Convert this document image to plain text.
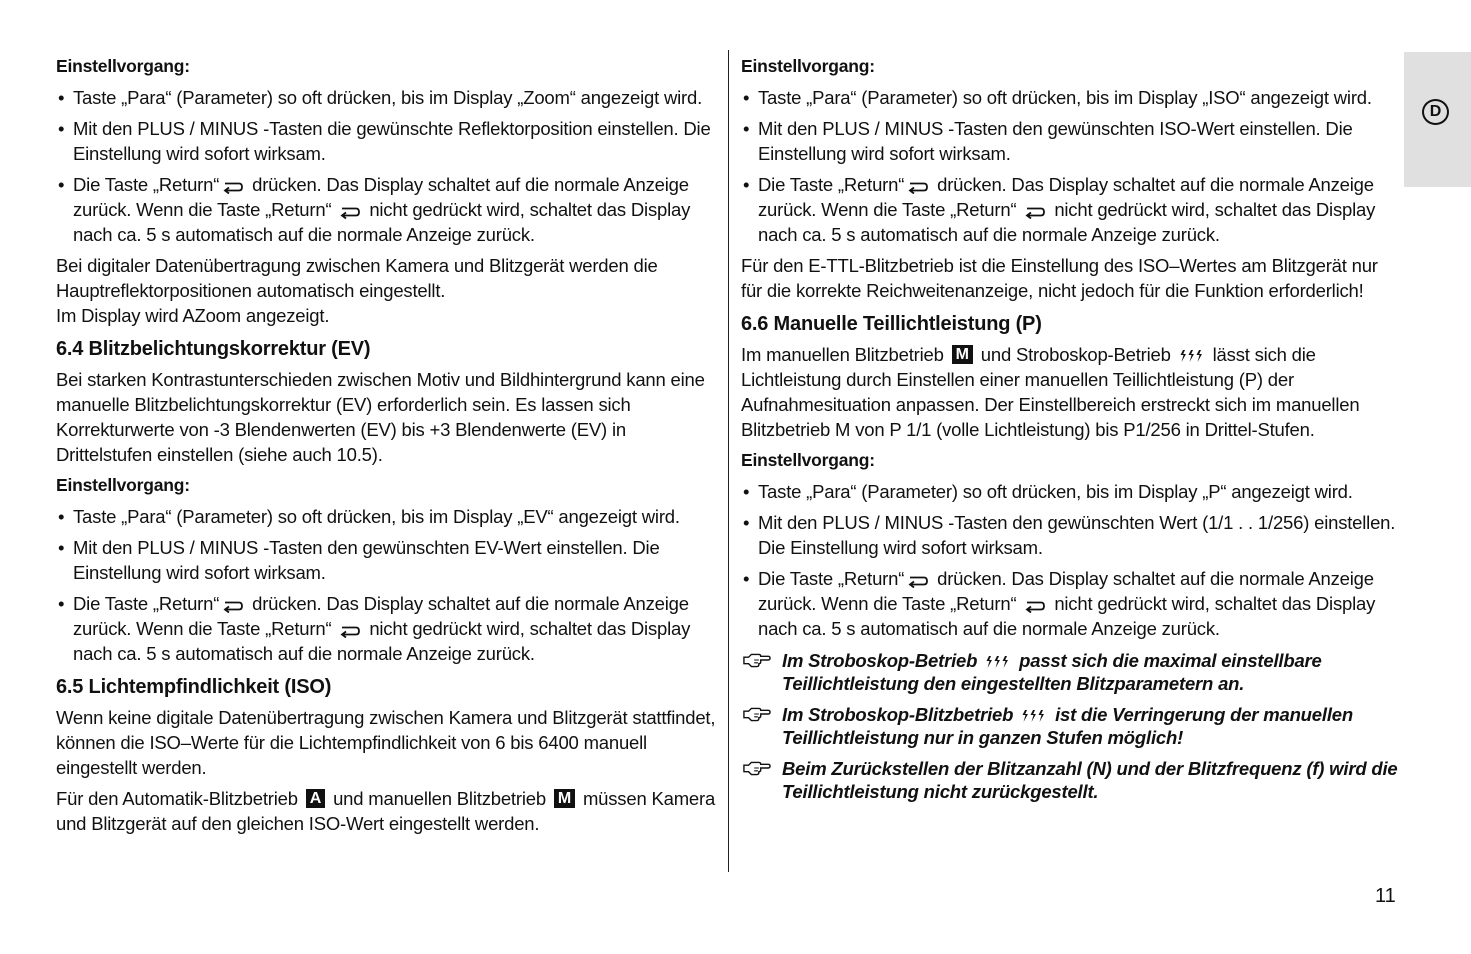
D
Einstellvorgang:
• Taste „Para“ (Parameter) so oft drücken, bis im Display „Zoom“ angezeigt wird.
• Mit den PLUS / MINUS -Tasten die gewünschte Reflektorposition einstellen. Die Einstellung wird sofort wirksam.
• Die Taste „Return“ drücken. Das Display schaltet auf die normale Anzeige zurück. Wenn die Taste „Return“ nicht gedrückt wird, schaltet das Display nach ca. 5 s automatisch auf die normale Anzeige zurück.

Bei digitaler Datenübertragung zwischen Kamera und Blitzgerät werden die Hauptreflektorpositionen automatisch eingestellt.

Im Display wird AZoom angezeigt.

6.4 Blitzbelichtungskorrektur (EV)

Bei starken Kontrastunterschieden zwischen Motiv und Bildhintergrund kann eine manuelle Blitzbelichtungskorrektur (EV) erforderlich sein. Es lassen sich Korrekturwerte von -3 Blendenwerten (EV) bis +3 Blendenwerte (EV) in Drittelstufen einstellen (siehe auch 10.5).

Einstellvorgang:
• Taste „Para“ (Parameter) so oft drücken, bis im Display „EV“ angezeigt wird.
• Mit den PLUS / MINUS -Tasten den gewünschten EV-Wert einstellen. Die Einstellung wird sofort wirksam.
• Die Taste „Return“ drücken. Das Display schaltet auf die normale Anzeige zurück. Wenn die Taste „Return“ nicht gedrückt wird, schaltet das Display nach ca. 5 s automatisch auf die normale Anzeige zurück.
6.5 Lichtempfindlichkeit (ISO)

Wenn keine digitale Datenübertragung zwischen Kamera und Blitzgerät stattfindet, können die ISO–Werte für die Lichtempfindlichkeit von 6 bis 6400 manuell eingestellt werden.

Für den Automatik-Blitzbetrieb A und manuellen Blitzbetrieb M müssen Kamera und Blitzgerät auf den gleichen ISO-Wert eingestellt werden.

Einstellvorgang:
• Taste „Para“ (Parameter) so oft drücken, bis im Display „ISO“ angezeigt wird.
• Mit den PLUS / MINUS -Tasten den gewünschten ISO-Wert einstellen. Die Einstellung wird sofort wirksam.
• Die Taste „Return“ drücken. Das Display schaltet auf die normale Anzeige zurück. Wenn die Taste „Return“ nicht gedrückt wird, schaltet das Display nach ca. 5 s automatisch auf die normale Anzeige zurück.

Für den E-TTL-Blitzbetrieb ist die Einstellung des ISO–Wertes am Blitzgerät nur für die korrekte Reichweitenanzeige, nicht jedoch für die Funktion erforderlich!

6.6 Manuelle Teillichtleistung (P)

Im manuellen Blitzbetrieb M und Stroboskop-Betrieb lässt sich die Lichtleistung durch Einstellen einer manuellen Teillichtleistung (P) der Aufnahmesituation anpassen. Der Einstellbereich erstreckt sich im manuellen Blitzbetrieb M von P 1/1 (volle Lichtleistung) bis P1/256 in Drittel-Stufen.

Einstellvorgang:
• Taste „Para“ (Parameter) so oft drücken, bis im Display „P“ angezeigt wird.
• Mit den PLUS / MINUS -Tasten den gewünschten Wert (1/1 . . 1/256) einstellen. Die Einstellung wird sofort wirksam.
• Die Taste „Return“ drücken. Das Display schaltet auf die normale Anzeige zurück. Wenn die Taste „Return“ nicht gedrückt wird, schaltet das Display nach ca. 5 s automatisch auf die normale Anzeige zurück.
Im Stroboskop-Betrieb passt sich die maximal einstellbare Teillichtleistung den eingestellten Blitzparametern an.
Im Stroboskop-Blitzbetrieb ist die Verringerung der manuellen Teillichtleistung nur in ganzen Stufen möglich!
Beim Zurückstellen der Blitzanzahl (N) und der Blitzfrequenz (f) wird die Teillichtleistung nicht zurückgestellt.
11
